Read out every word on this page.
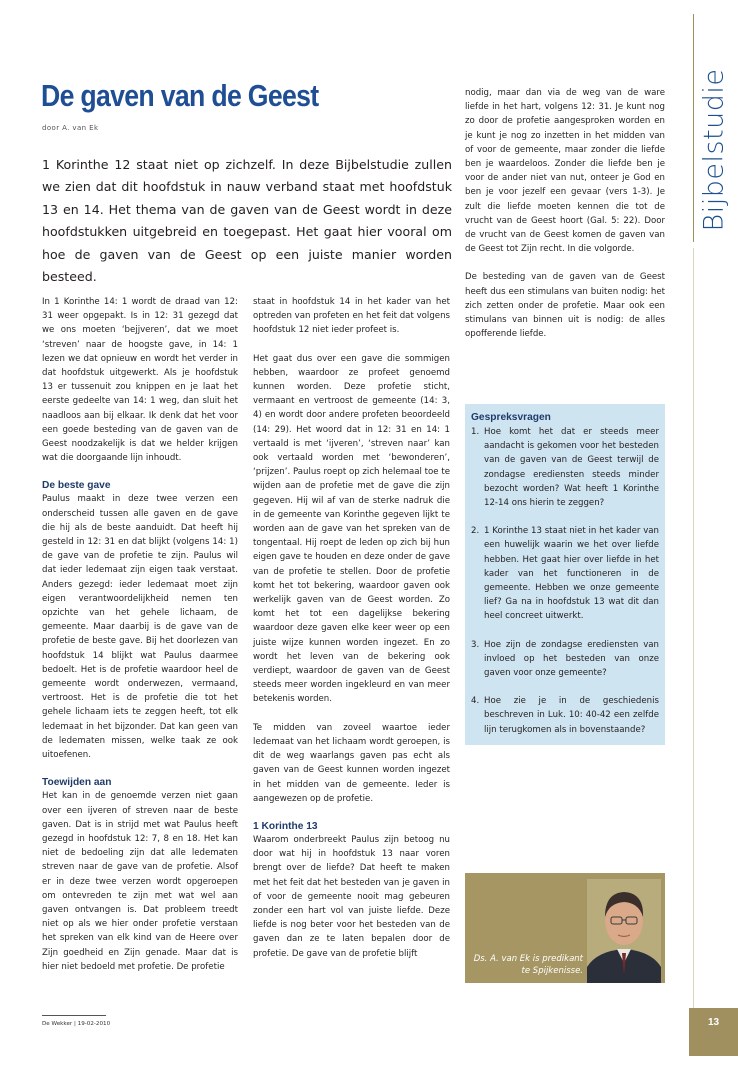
Bijbelstudie
De gaven van de Geest
door A. van Ek

1 Korinthe 12 staat niet op zichzelf. In deze Bijbelstudie zullen we zien dat dit hoofdstuk in nauw verband staat met hoofdstuk 13 en 14. Het thema van de gaven van de Geest wordt in deze hoofdstukken uitgebreid en toegepast. Het gaat hier vooral om hoe de gaven van de Geest op een juiste manier worden besteed.

In 1 Korinthe 14: 1 wordt de draad van 12: 31 weer opgepakt. Is in 12: 31 gezegd dat we ons moeten ‘bejjveren’, dat we moet ‘streven’ naar de hoogste gave, in 14: 1 lezen we dat opnieuw en wordt het verder in dat hoofdstuk uitgewerkt. Als je hoofdstuk 13 er tussenuit zou knippen en je laat het eerste gedeelte van 14: 1 weg, dan sluit het naadloos aan bij elkaar. Ik denk dat het voor een goede besteding van de gaven van de Geest noodzakelijk is dat we helder krijgen wat die doorgaande lijn inhoudt.

De beste gave

Paulus maakt in deze twee verzen een onderscheid tussen alle gaven en de gave die hij als de beste aanduidt. Dat heeft hij gesteld in 12: 31 en dat blijkt (volgens 14: 1) de gave van de profetie te zijn. Paulus wil dat ieder ledemaat zijn eigen taak verstaat. Anders gezegd: ieder ledemaat moet zijn eigen verantwoordelijkheid nemen ten opzichte van het gehele lichaam, de gemeente. Maar daarbij is de gave van de profetie de beste gave. Bij het doorlezen van hoofdstuk 14 blijkt wat Paulus daarmee bedoelt. Het is de profetie waardoor heel de gemeente wordt onderwezen, vermaand, vertroost. Het is de profetie die tot het gehele lichaam iets te zeggen heeft, tot elk ledemaat in het bijzonder. Dat kan geen van de ledematen missen, welke taak ze ook uitoefenen.

Toewijden aan

Het kan in de genoemde verzen niet gaan over een ijveren of streven naar de beste gaven. Dat is in strijd met wat Paulus heeft gezegd in hoofdstuk 12: 7, 8 en 18. Het kan niet de bedoeling zijn dat alle ledematen streven naar de gave van de profetie. Alsof er in deze twee verzen wordt opgeroepen om ontevreden te zijn met wat wel aan gaven ontvangen is. Dat probleem treedt niet op als we hier onder profetie verstaan het spreken van elk kind van de Heere over Zijn goedheid en Zijn genade. Maar dat is hier niet bedoeld met profetie. De profetie

staat in hoofdstuk 14 in het kader van het optreden van profeten en het feit dat volgens hoofdstuk 12 niet ieder profeet is.

Het gaat dus over een gave die sommigen hebben, waardoor ze profeet genoemd kunnen worden. Deze profetie sticht, vermaant en vertroost de gemeente (14: 3, 4) en wordt door andere profeten beoordeeld (14: 29). Het woord dat in 12: 31 en 14: 1 vertaald is met ‘ijveren’, ‘streven naar’ kan ook vertaald worden met ‘bewonderen’, ‘prijzen’. Paulus roept op zich helemaal toe te wijden aan de profetie met de gave die zijn gegeven. Hij wil af van de sterke nadruk die in de gemeente van Korinthe gegeven lijkt te worden aan de gave van het spreken van de tongentaal. Hij roept de leden op zich bij hun eigen gave te houden en deze onder de gave van de profetie te stellen. Door de profetie komt het tot bekering, waardoor gaven ook werkelijk gaven van de Geest worden. Zo komt het tot een dagelijkse bekering waardoor deze gaven elke keer weer op een juiste wijze kunnen worden ingezet. En zo wordt het leven van de bekering ook verdiept, waardoor de gaven van de Geest steeds meer worden ingekleurd en van meer betekenis worden.

Te midden van zoveel waartoe ieder ledemaat van het lichaam wordt geroepen, is dit de weg waarlangs gaven pas echt als gaven van de Geest kunnen worden ingezet in het midden van de gemeente. Ieder is aangewezen op de profetie.

1 Korinthe 13

Waarom onderbreekt Paulus zijn betoog nu door wat hij in hoofdstuk 13 naar voren brengt over de liefde? Dat heeft te maken met het feit dat het besteden van je gaven in of voor de gemeente nooit mag gebeuren zonder een hart vol van juiste liefde. Deze liefde is nog beter voor het besteden van de gaven dan ze te laten bepalen door de profetie. De gave van de profetie blijft

nodig, maar dan via de weg van de ware liefde in het hart, volgens 12: 31. Je kunt nog zo door de profetie aangesproken worden en je kunt je nog zo inzetten in het midden van of voor de gemeente, maar zonder die liefde ben je waardeloos. Zonder die liefde ben je voor de ander niet van nut, onteer je God en ben je voor jezelf een gevaar (vers 1-3). Je zult die liefde moeten kennen die tot de vrucht van de Geest hoort (Gal. 5: 22). Door de vrucht van de Geest komen de gaven van de Geest tot Zijn recht. In die volgorde.

De besteding van de gaven van de Geest heeft dus een stimulans van buiten nodig: het zich zetten onder de profetie. Maar ook een stimulans van binnen uit is nodig: de alles opofferende liefde.

Gespreksvragen
1. Hoe komt het dat er steeds meer aandacht is gekomen voor het besteden van de gaven van de Geest terwijl de zondagse erediensten steeds minder bezocht worden? Wat heeft 1 Korinthe 12-14 ons hierin te zeggen?
2. 1 Korinthe 13 staat niet in het kader van een huwelijk waarin we het over liefde hebben. Het gaat hier over liefde in het kader van het functioneren in de gemeente. Hebben we onze gemeente lief? Ga na in hoofdstuk 13 wat dit dan heel concreet uitwerkt.
3. Hoe zijn de zondagse erediensten van invloed op het besteden van onze gaven voor onze gemeente?
4. Hoe zie je in de geschiedenis beschreven in Luk. 10: 40-42 een zelfde lijn terugkomen als in bovenstaande?
Ds. A. van Ek is predikant
te Spijkenisse.
De Wekker | 19-02-2010	13
